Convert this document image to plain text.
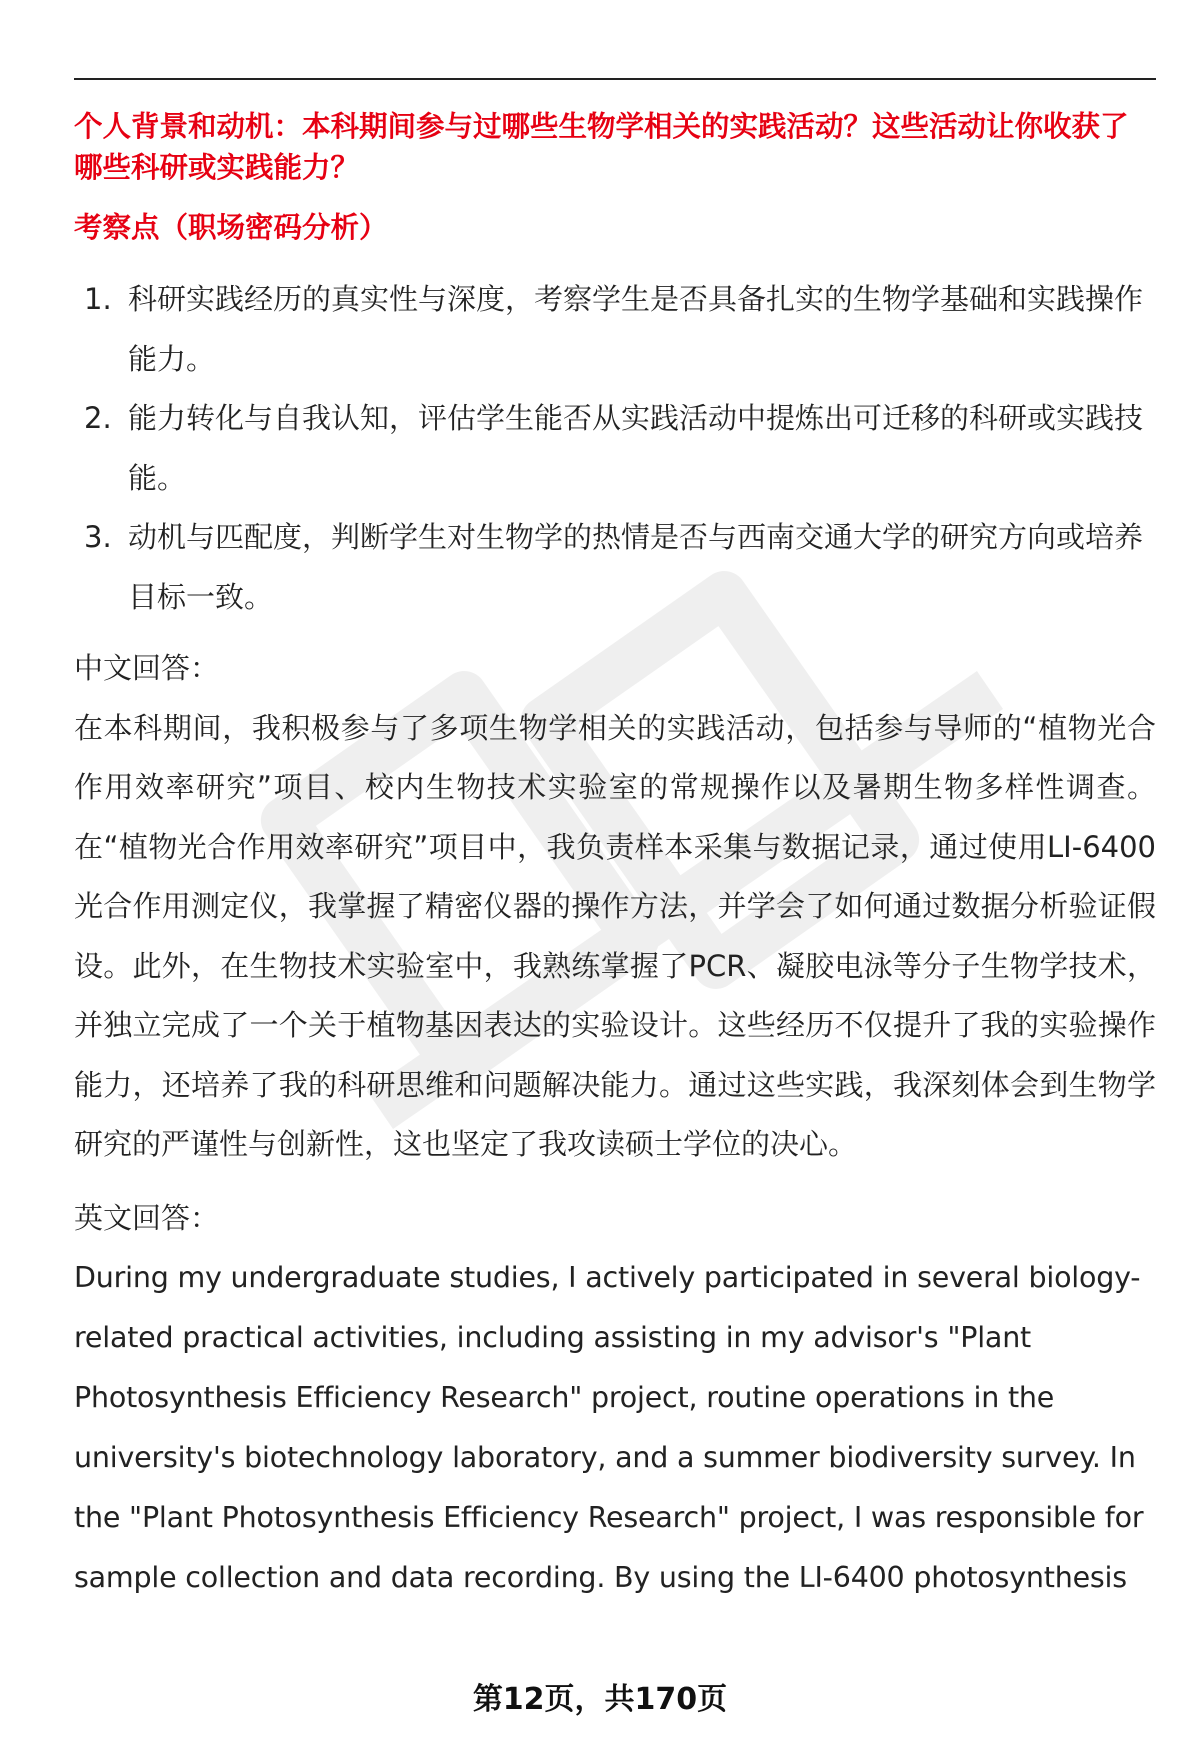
个人背景和动机：本科期间参与过哪些生物学相关的实践活动？这些活动让你收获了哪些科研或实践能力？

考察点（职场密码分析）

1. 科研实践经历的真实性与深度，考察学生是否具备扎实的生物学基础和实践操作能力。
2. 能力转化与自我认知，评估学生能否从实践活动中提炼出可迁移的科研或实践技能。
3. 动机与匹配度，判断学生对生物学的热情是否与西南交通大学的研究方向或培养目标一致。

中文回答：

在本科期间，我积极参与了多项生物学相关的实践活动，包括参与导师的“植物光合作用效率研究”项目、校内生物技术实验室的常规操作以及暑期生物多样性调查。在“植物光合作用效率研究”项目中，我负责样本采集与数据记录，通过使用LI-6400光合作用测定仪，我掌握了精密仪器的操作方法，并学会了如何通过数据分析验证假设。此外，在生物技术实验室中，我熟练掌握了PCR、凝胶电泳等分子生物学技术，并独立完成了一个关于植物基因表达的实验设计。这些经历不仅提升了我的实验操作能力，还培养了我的科研思维和问题解决能力。通过这些实践，我深刻体会到生物学研究的严谨性与创新性，这也坚定了我攻读硕士学位的决心。

英文回答：

During my undergraduate studies, I actively participated in several biology-related practical activities, including assisting in my advisor's "Plant Photosynthesis Efficiency Research" project, routine operations in the university's biotechnology laboratory, and a summer biodiversity survey. In the "Plant Photosynthesis Efficiency Research" project, I was responsible for sample collection and data recording. By using the LI-6400 photosynthesis

第12页，共170页
